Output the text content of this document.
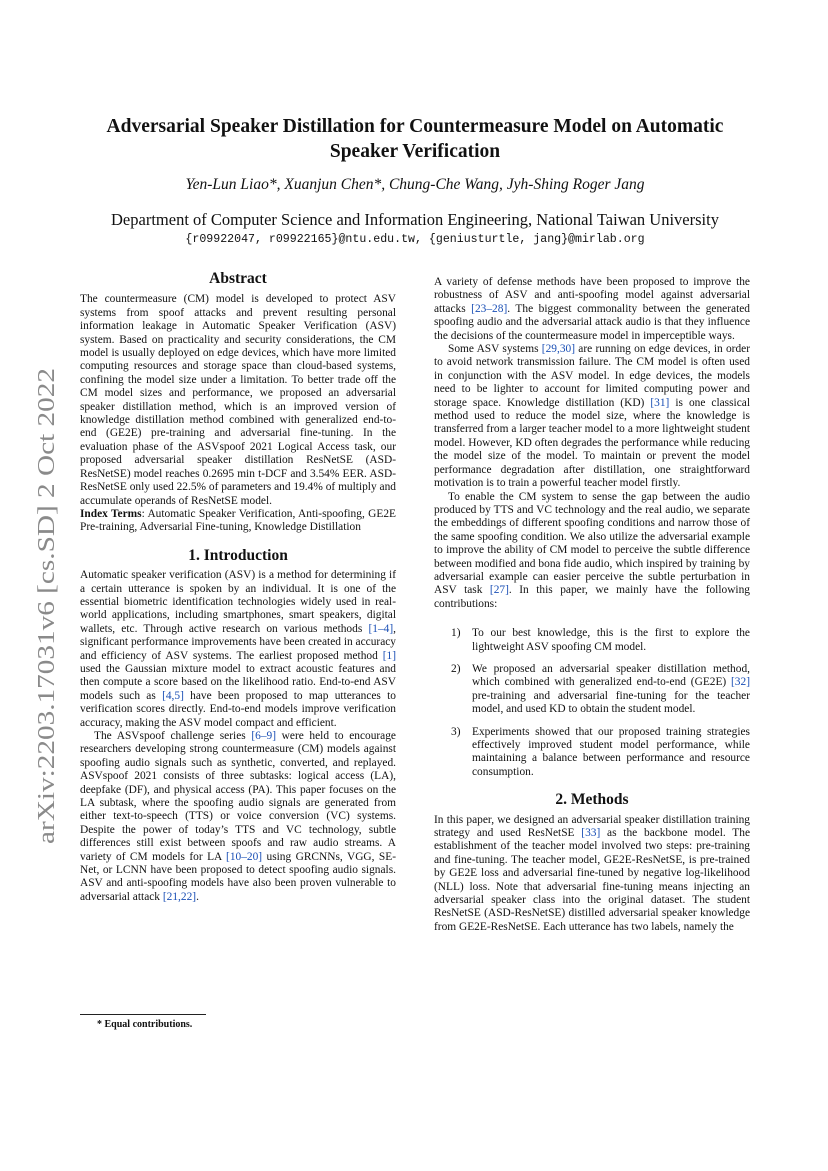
arXiv:2203.17031v6 [cs.SD] 2 Oct 2022
Adversarial Speaker Distillation for Countermeasure Model on Automatic Speaker Verification
Yen-Lun Liao*, Xuanjun Chen*, Chung-Che Wang, Jyh-Shing Roger Jang
Department of Computer Science and Information Engineering, National Taiwan University
{r09922047, r09922165}@ntu.edu.tw, {geniusturtle, jang}@mirlab.org
Abstract

The countermeasure (CM) model is developed to protect ASV systems from spoof attacks and prevent resulting personal information leakage in Automatic Speaker Verification (ASV) system. Based on practicality and security considerations, the CM model is usually deployed on edge devices, which have more limited computing resources and storage space than cloud-based systems, confining the model size under a limitation. To better trade off the CM model sizes and performance, we proposed an adversarial speaker distillation method, which is an improved version of knowledge distillation method combined with generalized end-to-end (GE2E) pre-training and adversarial fine-tuning. In the evaluation phase of the ASVspoof 2021 Logical Access task, our proposed adversarial speaker distillation ResNetSE (ASD-ResNetSE) model reaches 0.2695 min t-DCF and 3.54% EER. ASD-ResNetSE only used 22.5% of parameters and 19.4% of multiply and accumulate operands of ResNetSE model.

Index Terms: Automatic Speaker Verification, Anti-spoofing, GE2E Pre-training, Adversarial Fine-tuning, Knowledge Distillation

1. Introduction

Automatic speaker verification (ASV) is a method for determining if a certain utterance is spoken by an individual. It is one of the essential biometric identification technologies widely used in real-world applications, including smartphones, smart speakers, digital wallets, etc. Through active research on various methods [1–4], significant performance improvements have been created in accuracy and efficiency of ASV systems. The earliest proposed method [1] used the Gaussian mixture model to extract acoustic features and then compute a score based on the likelihood ratio. End-to-end ASV models such as [4,5] have been proposed to map utterances to verification scores directly. End-to-end models improve verification accuracy, making the ASV model compact and efficient.

The ASVspoof challenge series [6–9] were held to encourage researchers developing strong countermeasure (CM) models against spoofing audio signals such as synthetic, converted, and replayed. ASVspoof 2021 consists of three subtasks: logical access (LA), deepfake (DF), and physical access (PA). This paper focuses on the LA subtask, where the spoofing audio signals are generated from either text-to-speech (TTS) or voice conversion (VC) systems. Despite the power of today’s TTS and VC technology, subtle differences still exist between spoofs and raw audio streams. A variety of CM models for LA [10–20] using GRCNNs, VGG, SE-Net, or LCNN have been proposed to detect spoofing audio signals. ASV and anti-spoofing models have also been proven vulnerable to adversarial attack [21,22].

* Equal contributions.

A variety of defense methods have been proposed to improve the robustness of ASV and anti-spoofing model against adversarial attacks [23–28]. The biggest commonality between the generated spoofing audio and the adversarial attack audio is that they influence the decisions of the countermeasure model in imperceptible ways.

Some ASV systems [29,30] are running on edge devices, in order to avoid network transmission failure. The CM model is often used in conjunction with the ASV model. In edge devices, the models need to be lighter to account for limited computing power and storage space. Knowledge distillation (KD) [31] is one classical method used to reduce the model size, where the knowledge is transferred from a larger teacher model to a more lightweight student model. However, KD often degrades the performance while reducing the model size of the model. To maintain or prevent the model performance degradation after distillation, one straightforward motivation is to train a powerful teacher model firstly.

To enable the CM system to sense the gap between the audio produced by TTS and VC technology and the real audio, we separate the embeddings of different spoofing conditions and narrow those of the same spoofing condition. We also utilize the adversarial example to improve the ability of CM model to perceive the subtle difference between modified and bona fide audio, which inspired by training by adversarial example can easier perceive the subtle perturbation in ASV task [27]. In this paper, we mainly have the following contributions:

1)	To our best knowledge, this is the first to explore the lightweight ASV spoofing CM model.
2)	We proposed an adversarial speaker distillation method, which combined with generalized end-to-end (GE2E) [32] pre-training and adversarial fine-tuning for the teacher model, and used KD to obtain the student model.
3)	Experiments showed that our proposed training strategies effectively improved student model performance, while maintaining a balance between performance and resource consumption.
2. Methods

In this paper, we designed an adversarial speaker distillation training strategy and used ResNetSE [33] as the backbone model. The establishment of the teacher model involved two steps: pre-training and fine-tuning. The teacher model, GE2E-ResNetSE, is pre-trained by GE2E loss and adversarial fine-tuned by negative log-likelihood (NLL) loss. Note that adversarial fine-tuning means injecting an adversarial speaker class into the original dataset. The student ResNetSE (ASD-ResNetSE) distilled adversarial speaker knowledge from GE2E-ResNetSE. Each utterance has two labels, namely the
